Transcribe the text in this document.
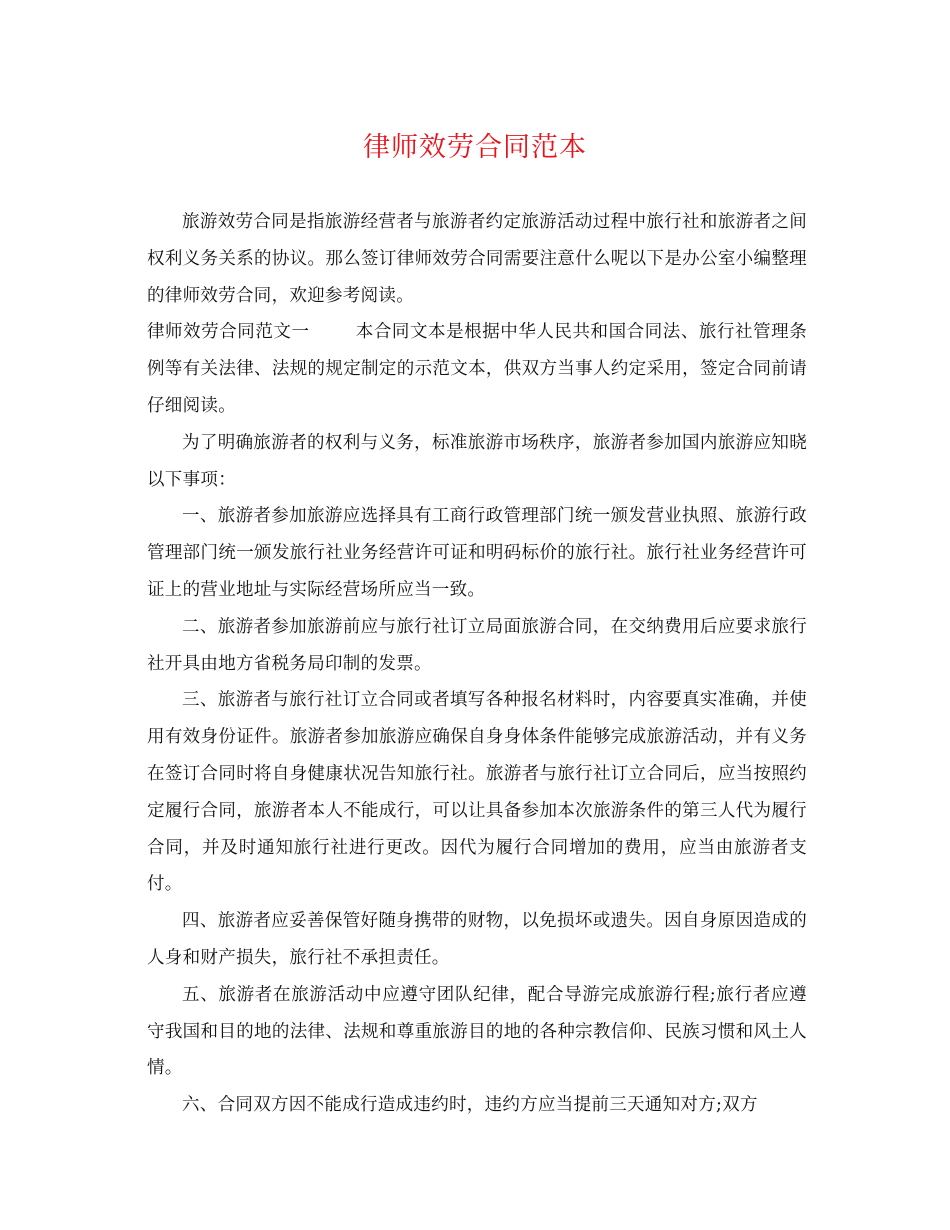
律师效劳合同范本

旅游效劳合同是指旅游经营者与旅游者约定旅游活动过程中旅行社和旅游者之间权利义务关系的协议。那么签订律师效劳合同需要注意什么呢以下是办公室小编整理的律师效劳合同，欢迎参考阅读。

律师效劳合同范文一	本合同文本是根据中华人民共和国合同法、旅行社管理条例等有关法律、法规的规定制定的示范文本，供双方当事人约定采用，签定合同前请仔细阅读。

为了明确旅游者的权利与义务，标准旅游市场秩序，旅游者参加国内旅游应知晓以下事项：

一、旅游者参加旅游应选择具有工商行政管理部门统一颁发营业执照、旅游行政管理部门统一颁发旅行社业务经营许可证和明码标价的旅行社。旅行社业务经营许可证上的营业地址与实际经营场所应当一致。

二、旅游者参加旅游前应与旅行社订立局面旅游合同，在交纳费用后应要求旅行社开具由地方省税务局印制的发票。

三、旅游者与旅行社订立合同或者填写各种报名材料时，内容要真实准确，并使用有效身份证件。旅游者参加旅游应确保自身身体条件能够完成旅游活动，并有义务在签订合同时将自身健康状况告知旅行社。旅游者与旅行社订立合同后，应当按照约定履行合同，旅游者本人不能成行，可以让具备参加本次旅游条件的第三人代为履行合同，并及时通知旅行社进行更改。因代为履行合同增加的费用，应当由旅游者支付。

四、旅游者应妥善保管好随身携带的财物，以免损坏或遗失。因自身原因造成的人身和财产损失，旅行社不承担责任。

五、旅游者在旅游活动中应遵守团队纪律，配合导游完成旅游行程;旅行者应遵守我国和目的地的法律、法规和尊重旅游目的地的各种宗教信仰、民族习惯和风土人情。

六、合同双方因不能成行造成违约时，违约方应当提前三天通知对方;双方
